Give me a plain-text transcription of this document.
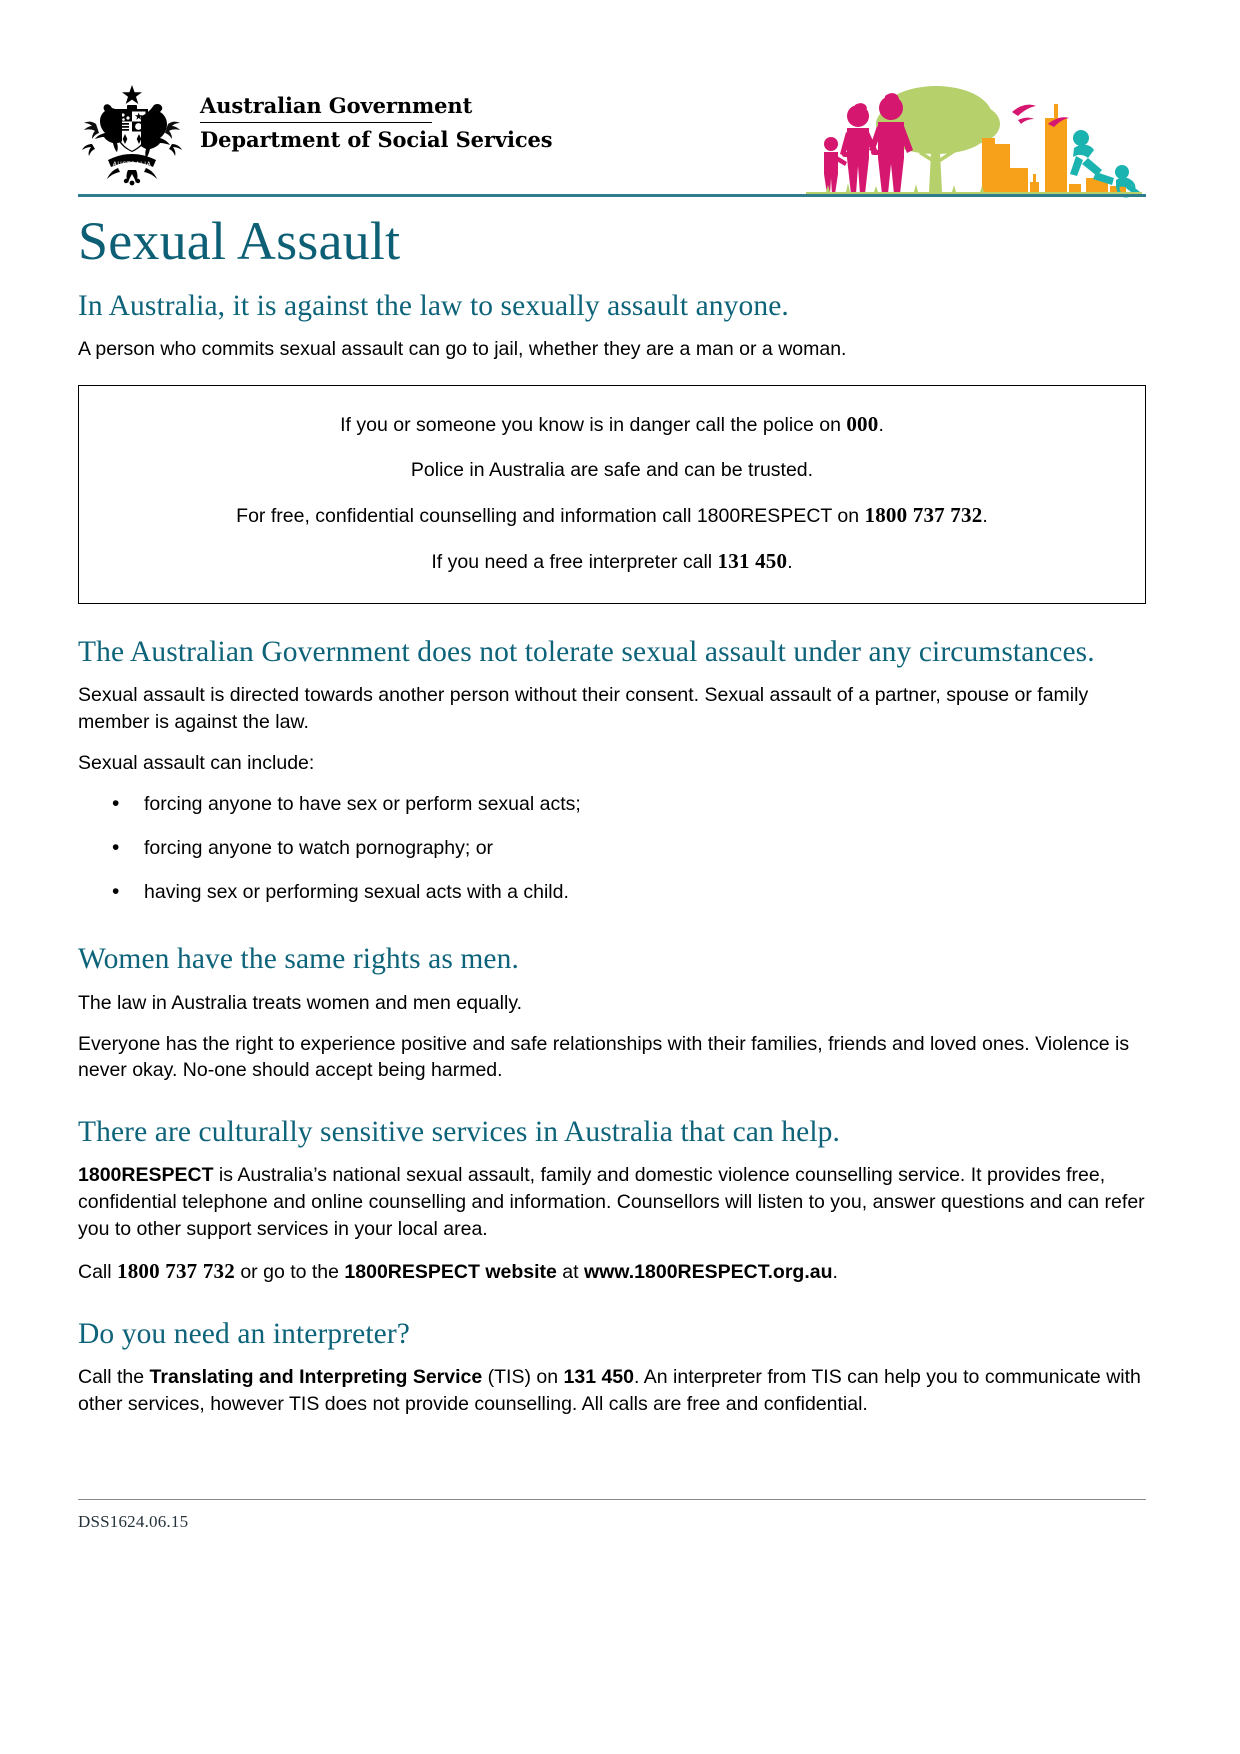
AUSTRALIA
Australian Government
Department of Social Services
Sexual Assault
In Australia, it is against the law to sexually assault anyone.

A person who commits sexual assault can go to jail, whether they are a man or a woman.

If you or someone you know is in danger call the police on 000.

Police in Australia are safe and can be trusted.

For free, confidential counselling and information call 1800RESPECT on 1800 737 732.

If you need a free interpreter call 131 450.

The Australian Government does not tolerate sexual assault under any circumstances.

Sexual assault is directed towards another person without their consent. Sexual assault of a partner, spouse or family member is against the law.

Sexual assault can include:

• forcing anyone to have sex or perform sexual acts;
• forcing anyone to watch pornography; or
• having sex or performing sexual acts with a child.
Women have the same rights as men.

The law in Australia treats women and men equally.

Everyone has the right to experience positive and safe relationships with their families, friends and loved ones. Violence is never okay. No-one should accept being harmed.

There are culturally sensitive services in Australia that can help.

1800RESPECT is Australia’s national sexual assault, family and domestic violence counselling service. It provides free, confidential telephone and online counselling and information. Counsellors will listen to you, answer questions and can refer you to other support services in your local area.

Call 1800 737 732 or go to the 1800RESPECT website at www.1800RESPECT.org.au.

Do you need an interpreter?

Call the Translating and Interpreting Service (TIS) on 131 450. An interpreter from TIS can help you to communicate with other services, however TIS does not provide counselling. All calls are free and confidential.

DSS1624.06.15
